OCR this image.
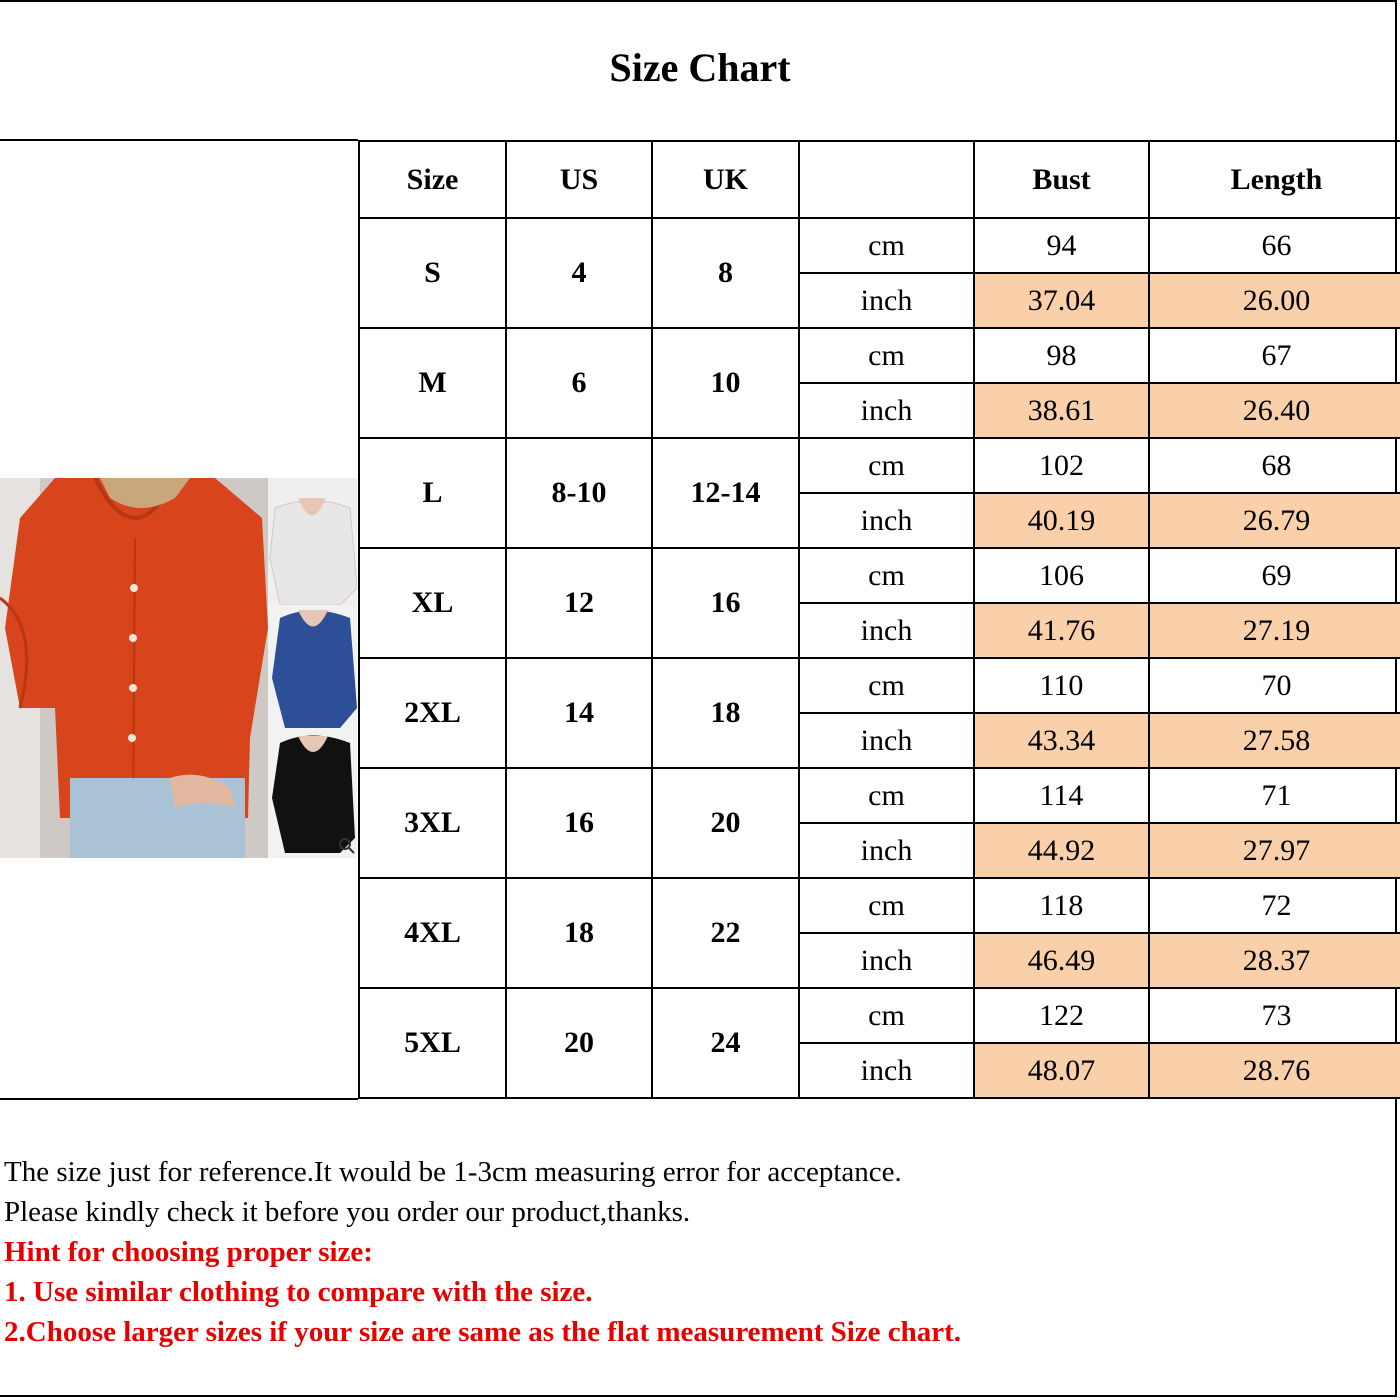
Size Chart
Size	US	UK		Bust	Length
S	4	8	cm	94	66
			inch	37.04	26.00
M	6	10	cm	98	67
			inch	38.61	26.40
L	8-10	12-14	cm	102	68
			inch	40.19	26.79
XL	12	16	cm	106	69
			inch	41.76	27.19
2XL	14	18	cm	110	70
			inch	43.34	27.58
3XL	16	20	cm	114	71
			inch	44.92	27.97
4XL	18	22	cm	118	72
			inch	46.49	28.37
5XL	20	24	cm	122	73
			inch	48.07	28.76
The size just for reference.It would be 1-3cm measuring error for acceptance.
Please kindly check it before you order our product,thanks.
Hint for choosing proper size:
1. Use similar clothing to compare with the size.
2.Choose larger sizes if your size are same as the flat measurement Size chart.
